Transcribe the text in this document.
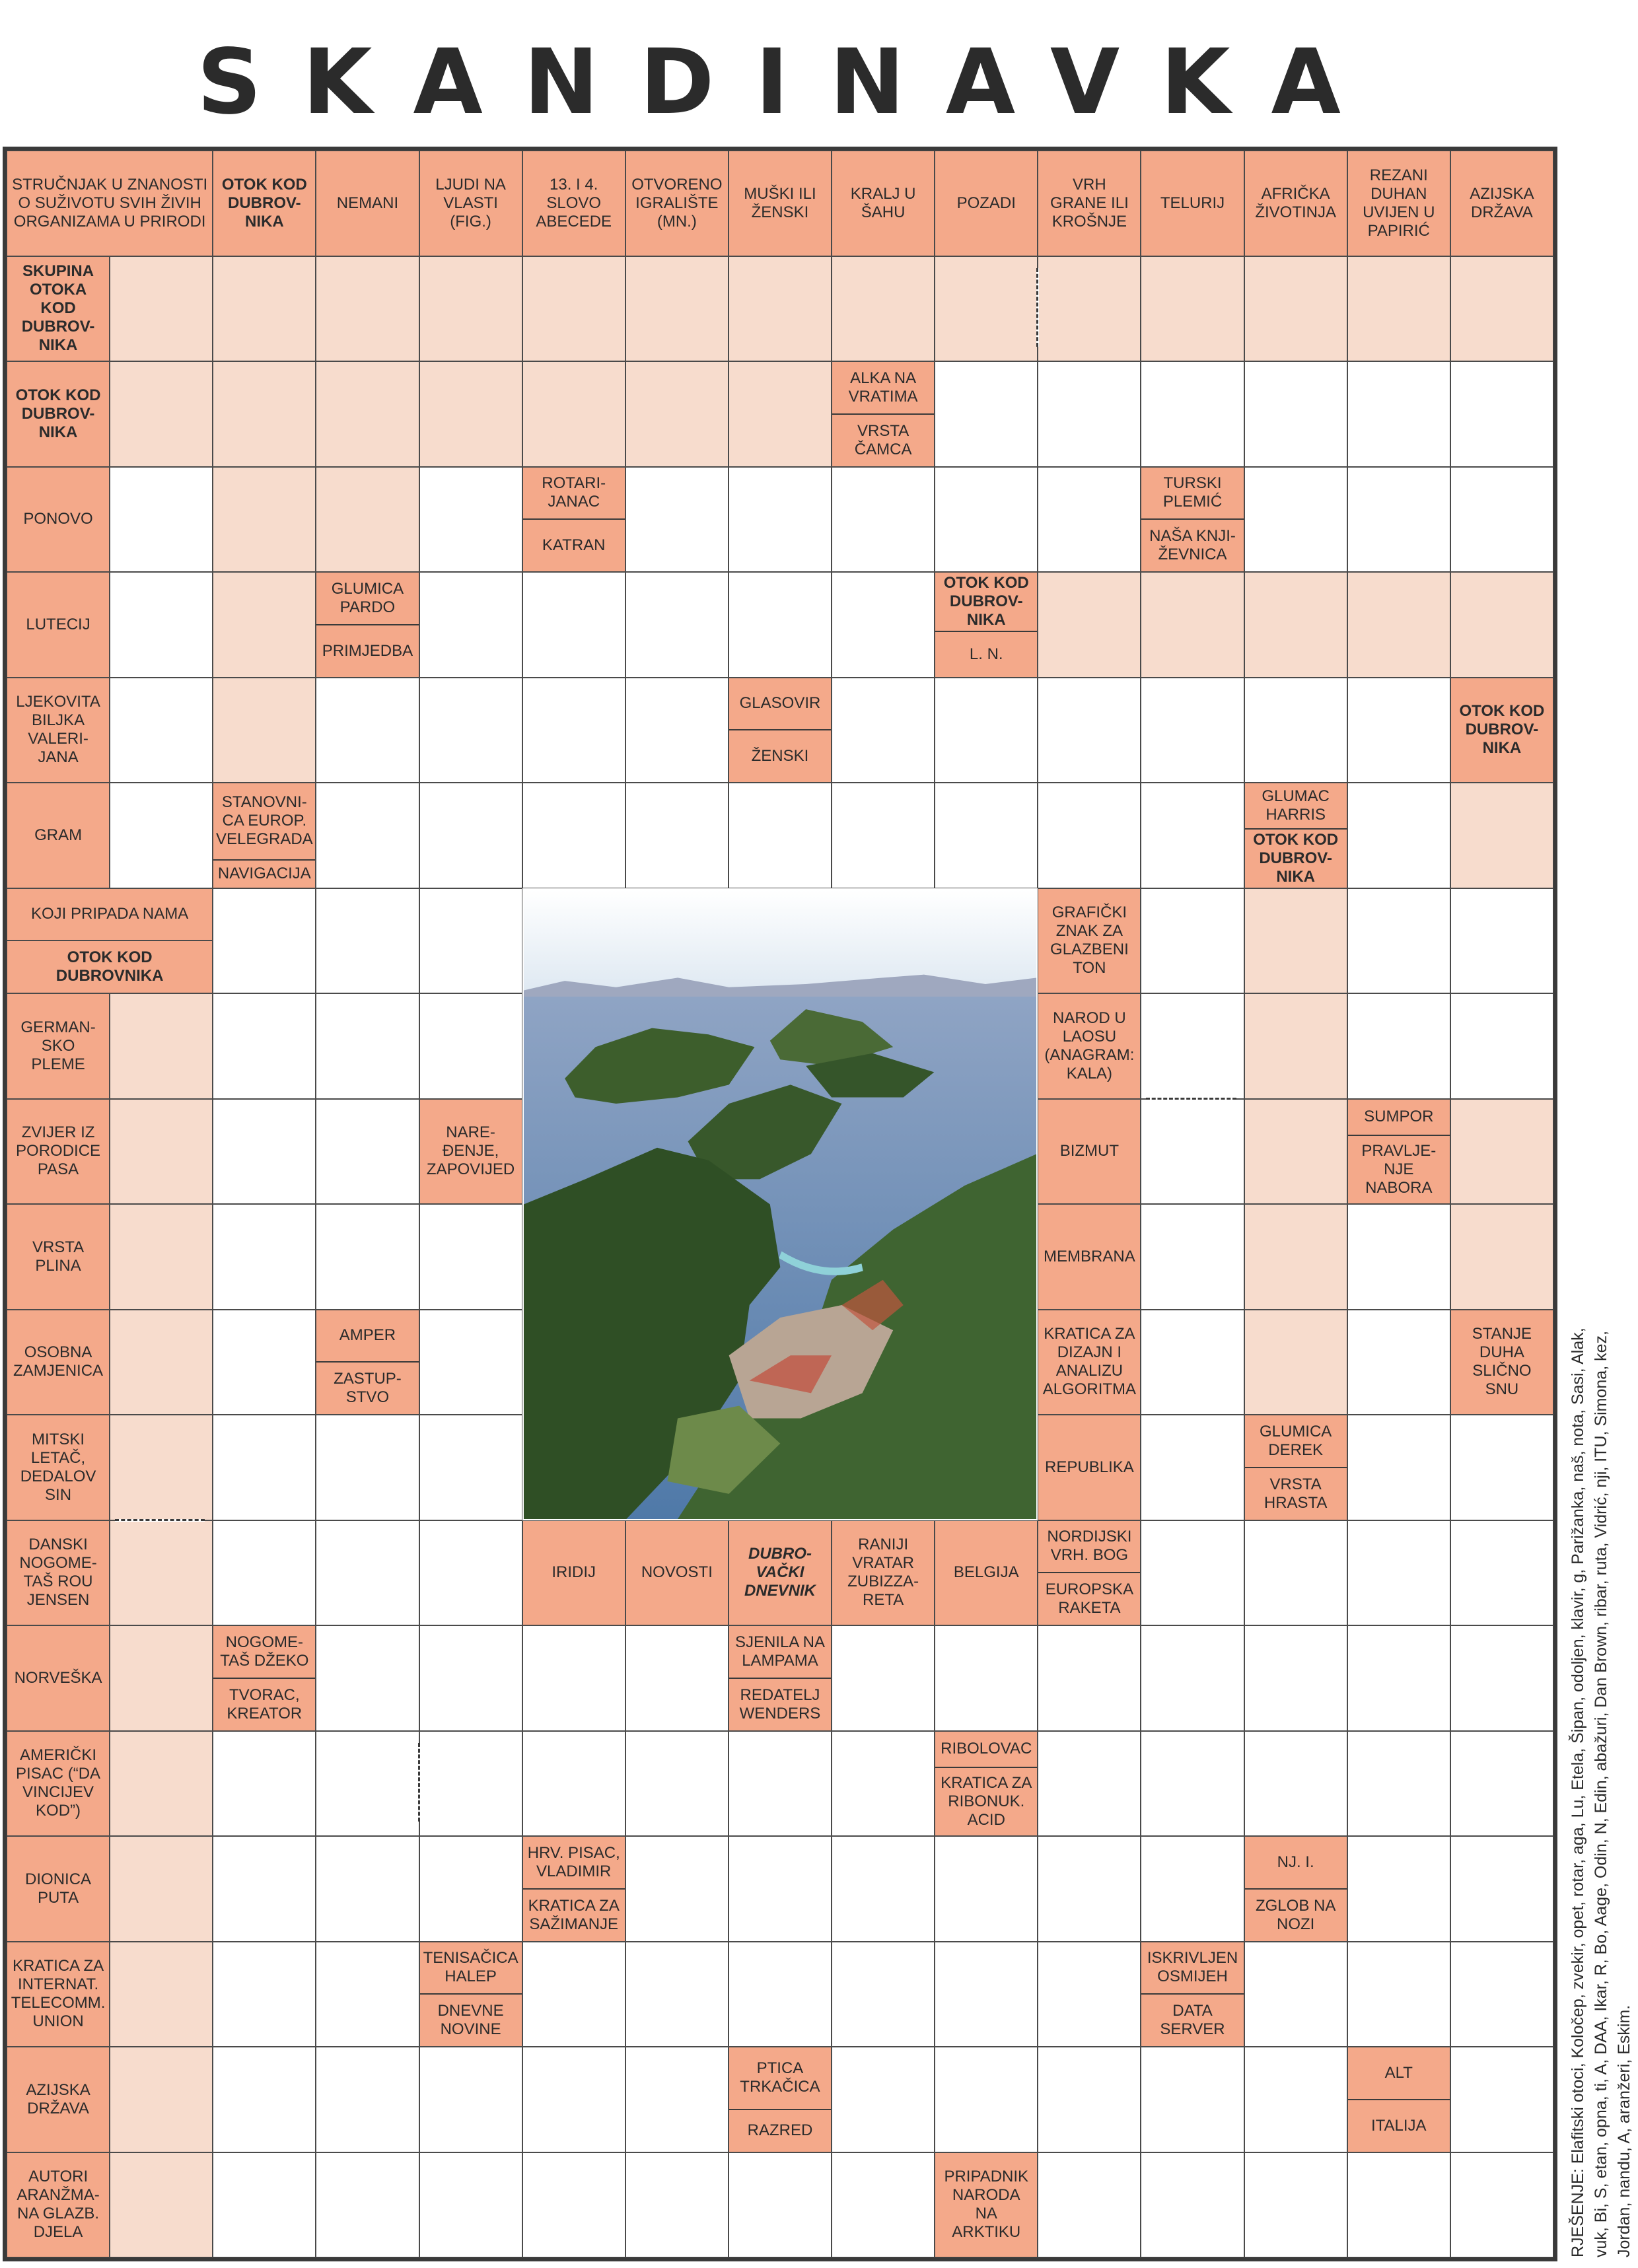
SKANDINAVKA
STRUČNJAK U ZNANOSTI
O SUŽIVOTU SVIH ŽIVIH
ORGANIZAMA U PRIRODI
OTOK KOD
DUBROV-
NIKA
NEMANI
LJUDI NA
VLASTI
(FIG.)
13. I 4.
SLOVO
ABECEDE
OTVORENO
IGRALIŠTE
(MN.)
MUŠKI ILI
ŽENSKI
KRALJ U
ŠAHU
POZADI
VRH
GRANE ILI
KROŠNJE
TELURIJ
AFRIČKA
ŽIVOTINJA
REZANI
DUHAN
UVIJEN U
PAPIRIĆ
AZIJSKA
DRŽAVA
SKUPINA
OTOKA
KOD
DUBROV-
NIKA
OTOK KOD
DUBROV-
NIKA
ALKA NA
VRATIMA
VRSTA
ČAMCA
PONOVO
ROTARI-
JANAC
KATRAN
TURSKI
PLEMIĆ
NAŠA KNJI-
ŽEVNICA
LUTECIJ
GLUMICA
PARDO
PRIMJEDBA
OTOK KOD
DUBROV-
NIKA
L. N.
LJEKOVITA
BILJKA
VALERI-
JANA
GLASOVIR
ŽENSKI
OTOK KOD
DUBROV-
NIKA
GRAM
STANOVNI-
CA EUROP.
VELEGRADA
NAVIGACIJA
GLUMAC
HARRIS
OTOK KOD
DUBROV-
NIKA
KOJI PRIPADA NAMA
OTOK KOD
DUBROVNIKA
GRAFIČKI
ZNAK ZA
GLAZBENI
TON
GERMAN-
SKO
PLEME
NAROD U
LAOSU
(ANAGRAM:
KALA)
ZVIJER IZ
PORODICE
PASA
NARE-
ĐENJE,
ZAPOVIJED
BIZMUT
SUMPOR
PRAVLJE-
NJE
NABORA
VRSTA
PLINA
MEMBRANA
OSOBNA
ZAMJENICA
AMPER
ZASTUP-
STVO
KRATICA ZA
DIZAJN I
ANALIZU
ALGORITMA
STANJE
DUHA
SLIČNO
SNU
MITSKI
LETAČ,
DEDALOV
SIN
REPUBLIKA
GLUMICA
DEREK
VRSTA
HRASTA
DANSKI
NOGOME-
TAŠ ROU
JENSEN
IRIDIJ	NOVOSTI
DUBRO-
VAČKI
DNEVNIK
RANIJI
VRATAR
ZUBIZZA-
RETA
BELGIJA
NORDIJSKI
VRH. BOG
EUROPSKA
RAKETA
NORVEŠKA
NOGOME-
TAŠ DŽEKO
TVORAC,
KREATOR
SJENILA NA
LAMPAMA
REDATELJ
WENDERS
AMERIČKI
PISAC (“DA
VINCIJEV
KOD”)
RIBOLOVAC
KRATICA ZA
RIBONUK.
ACID
DIONICA
PUTA
HRV. PISAC,
VLADIMIR
KRATICA ZA
SAŽIMANJE
NJ. I.
ZGLOB NA
NOZI
KRATICA ZA
INTERNAT.
TELECOMM.
UNION
TENISAČICA
HALEP
DNEVNE
NOVINE
ISKRIVLJEN
OSMIJEH
DATA
SERVER
AZIJSKA
DRŽAVA
PTICA
TRKAČICA
RAZRED
ALT
ITALIJA
AUTORI
ARANŽMA-
NA GLAZB.
DJELA
PRIPADNIK
NARODA
NA
ARKTIKU	RJEŠENJE: Elafitski otoci, Koločep, zvekir, opet, rotar, aga, Lu, Etela, Šipan, odoljen, klavir, g, Parižanka, naš, nota, Sasi, Alak, vuk, Bi, S, etan, opna, ti, A, DAA, Ikar, R, Bo, Aage, Odin, N, Edin, abažuri, Dan Brown, ribar, ruta, Vidrić, nji, ITU, Simona, kez, Jordan, nandu, A, aranžeri, Eskim.
